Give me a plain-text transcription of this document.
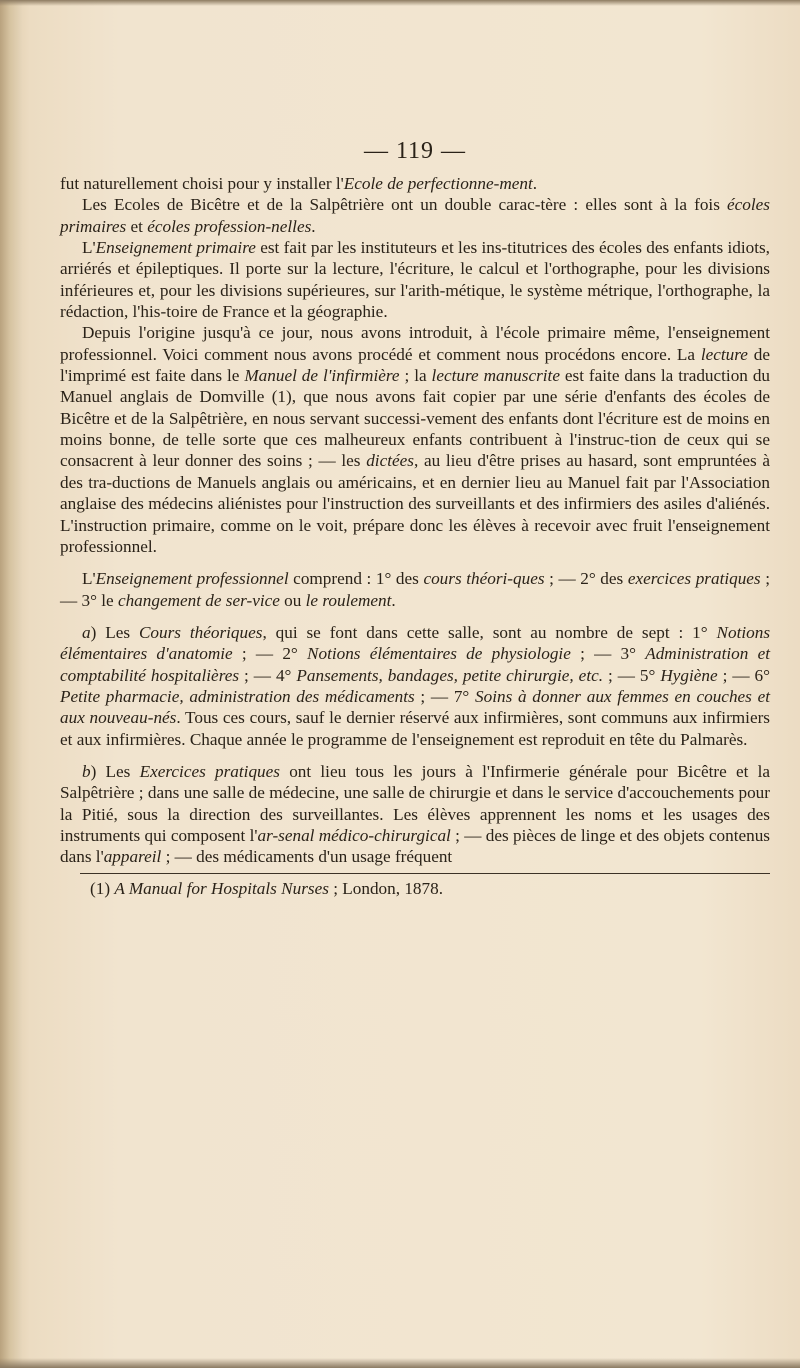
— 119 —

fut naturellement choisi pour y installer l'Ecole de perfectionne-ment.

Les Ecoles de Bicêtre et de la Salpêtrière ont un double carac-tère : elles sont à la fois écoles primaires et écoles profession-nelles.

L'Enseignement primaire est fait par les instituteurs et les ins-titutrices des écoles des enfants idiots, arriérés et épileptiques. Il porte sur la lecture, l'écriture, le calcul et l'orthographe, pour les divisions inférieures et, pour les divisions supérieures, sur l'arith-métique, le système métrique, l'orthographe, la rédaction, l'his-toire de France et la géographie.

Depuis l'origine jusqu'à ce jour, nous avons introduit, à l'école primaire même, l'enseignement professionnel. Voici comment nous avons procédé et comment nous procédons encore. La lecture de l'imprimé est faite dans le Manuel de l'infirmière ; la lecture manuscrite est faite dans la traduction du Manuel anglais de Domville (1), que nous avons fait copier par une série d'enfants des écoles de Bicêtre et de la Salpêtrière, en nous servant successi-vement des enfants dont l'écriture est de moins en moins bonne, de telle sorte que ces malheureux enfants contribuent à l'instruc-tion de ceux qui se consacrent à leur donner des soins ; — les dictées, au lieu d'être prises au hasard, sont empruntées à des tra-ductions de Manuels anglais ou américains, et en dernier lieu au Manuel fait par l'Association anglaise des médecins aliénistes pour l'instruction des surveillants et des infirmiers des asiles d'aliénés. L'instruction primaire, comme on le voit, prépare donc les élèves à recevoir avec fruit l'enseignement professionnel.

L'Enseignement professionnel comprend : 1° des cours théori-ques ; — 2° des exercices pratiques ; — 3° le changement de ser-vice ou le roulement.

a) Les Cours théoriques, qui se font dans cette salle, sont au nombre de sept : 1° Notions élémentaires d'anatomie ; — 2° Notions élémentaires de physiologie ; — 3° Administration et comptabilité hospitalières ; — 4° Pansements, bandages, petite chirurgie, etc. ; — 5° Hygiène ; — 6° Petite pharmacie, administration des médicaments ; — 7° Soins à donner aux femmes en couches et aux nouveau-nés. Tous ces cours, sauf le dernier réservé aux infirmières, sont communs aux infirmiers et aux infirmières. Chaque année le programme de l'enseignement est reproduit en tête du Palmarès.

b) Les Exercices pratiques ont lieu tous les jours à l'Infirmerie générale pour Bicêtre et la Salpêtrière ; dans une salle de médecine, une salle de chirurgie et dans le service d'accouchements pour la Pitié, sous la direction des surveillantes. Les élèves apprennent les noms et les usages des instruments qui composent l'ar-senal médico-chirurgical ; — des pièces de linge et des objets contenus dans l'appareil ; — des médicaments d'un usage fréquent

(1) A Manual for Hospitals Nurses ; London, 1878.
